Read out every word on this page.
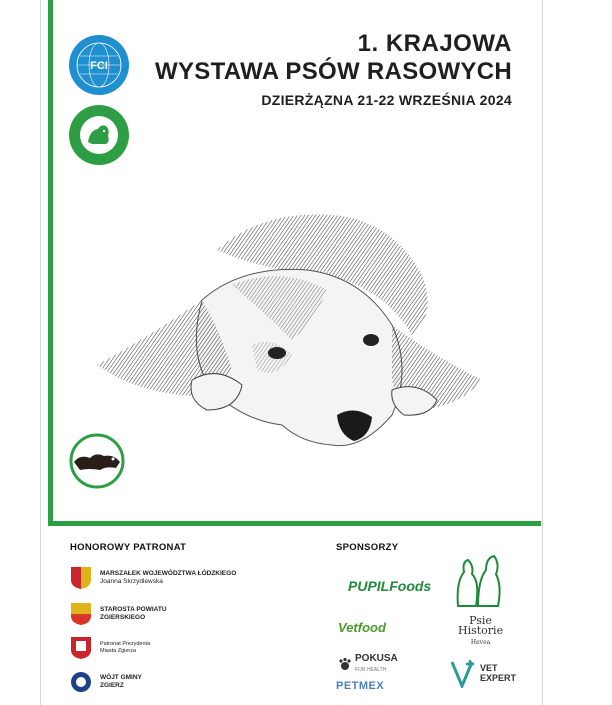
1. KRAJOWA
WYSTAWA PSÓW RASOWYCH
DZIERŻĄZNA 21-22 WRZEŚNIA 2024
FCI
HONOROWY PATRONAT
MARSZAŁEK WOJEWÓDZTWA ŁÓDZKIEGO
Joanna Skrzydlewska
STAROSTA POWIATU ZGIERSKIEGO
Patronat Prezydenta Miasta Zgierza
WÓJT GMINY ZGIERZ
SPONSORZY
PUPILFoods
Vetfood	Psie
Historie
Hevea
POKUSA
FOR HEALTH
PETMEX
VET
EXPERT
